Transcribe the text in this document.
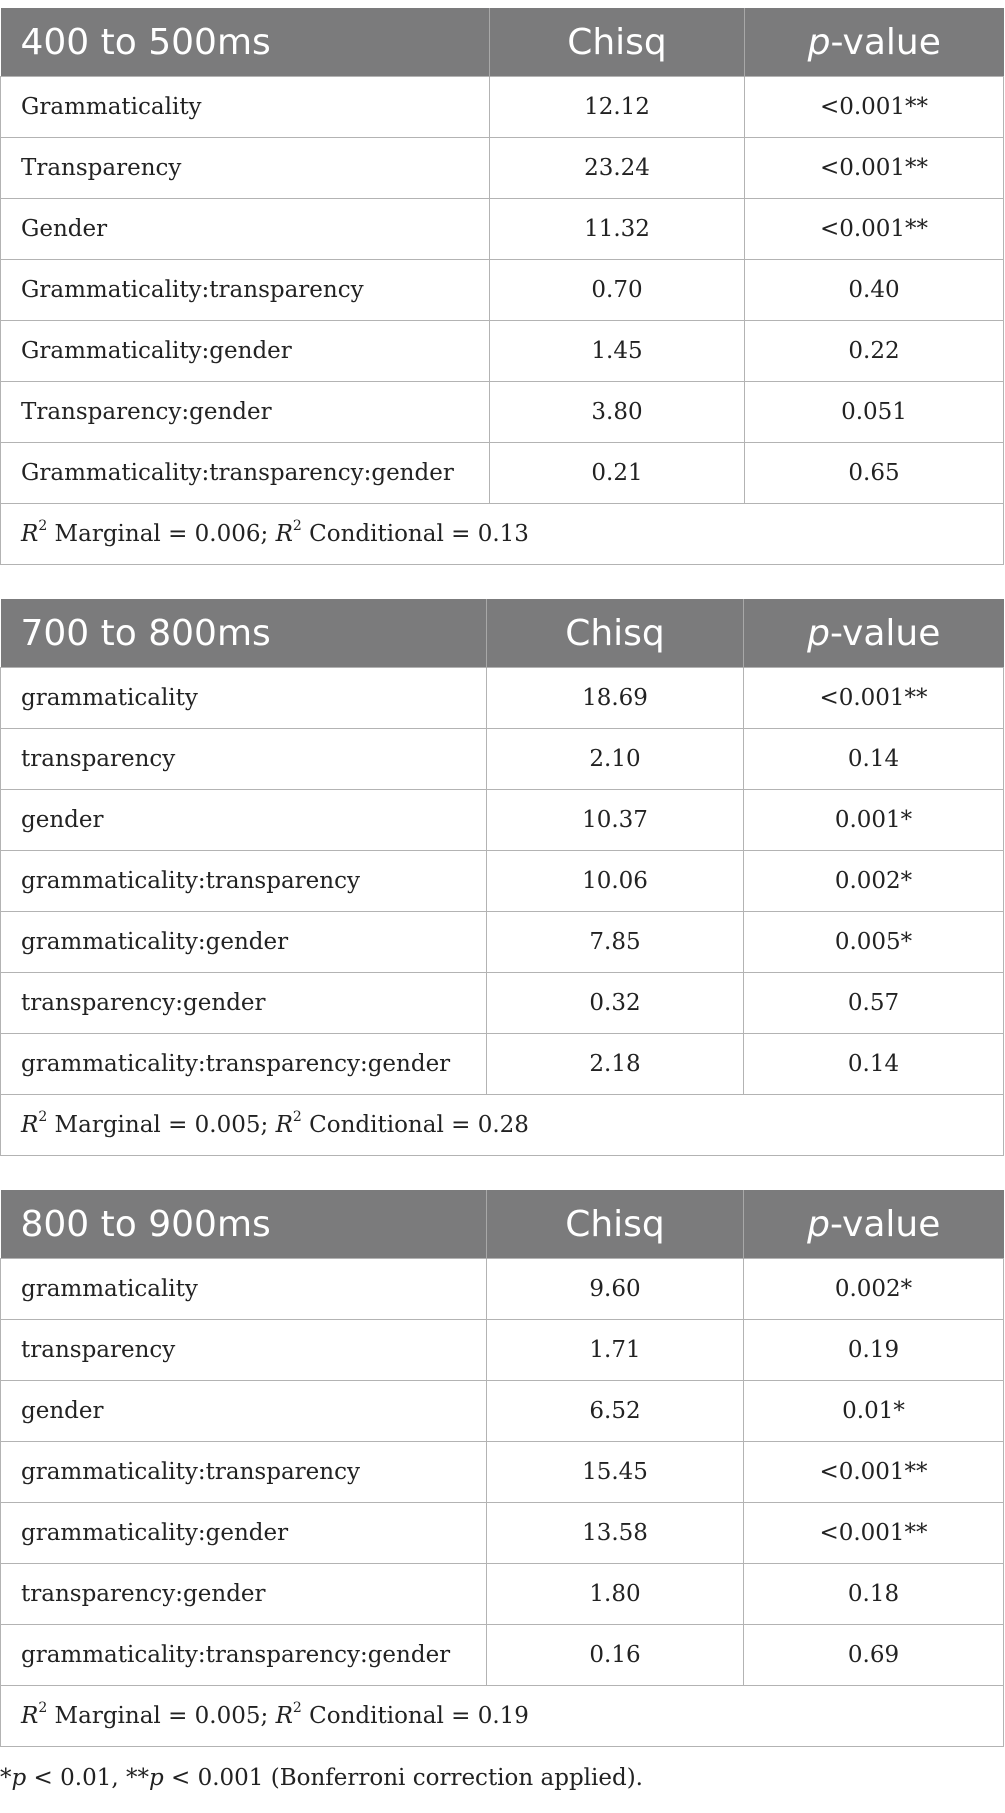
400 to 500ms	Chisq	p-value
Grammaticality	12.12	<0.001**
Transparency	23.24	<0.001**
Gender	11.32	<0.001**
Grammaticality:transparency	0.70	0.40
Grammaticality:gender	1.45	0.22
Transparency:gender	3.80	0.051
Grammaticality:transparency:gender	0.21	0.65
$R^2$ Marginal = 0.006; $R^2$ Conditional = 0.13		
700 to 800ms	Chisq	p-value
grammaticality	18.69	<0.001**
transparency	2.10	0.14
gender	10.37	0.001*
grammaticality:transparency	10.06	0.002*
grammaticality:gender	7.85	0.005*
transparency:gender	0.32	0.57
grammaticality:transparency:gender	2.18	0.14
$R^2$ Marginal = 0.005; $R^2$ Conditional = 0.28		
800 to 900ms	Chisq	p-value
grammaticality	9.60	0.002*
transparency	1.71	0.19
gender	6.52	0.01*
grammaticality:transparency	15.45	<0.001**
grammaticality:gender	13.58	<0.001**
transparency:gender	1.80	0.18
grammaticality:transparency:gender	0.16	0.69
$R^2$ Marginal = 0.005; $R^2$ Conditional = 0.19		
*p < 0.01, **p < 0.001 (Bonferroni correction applied).
